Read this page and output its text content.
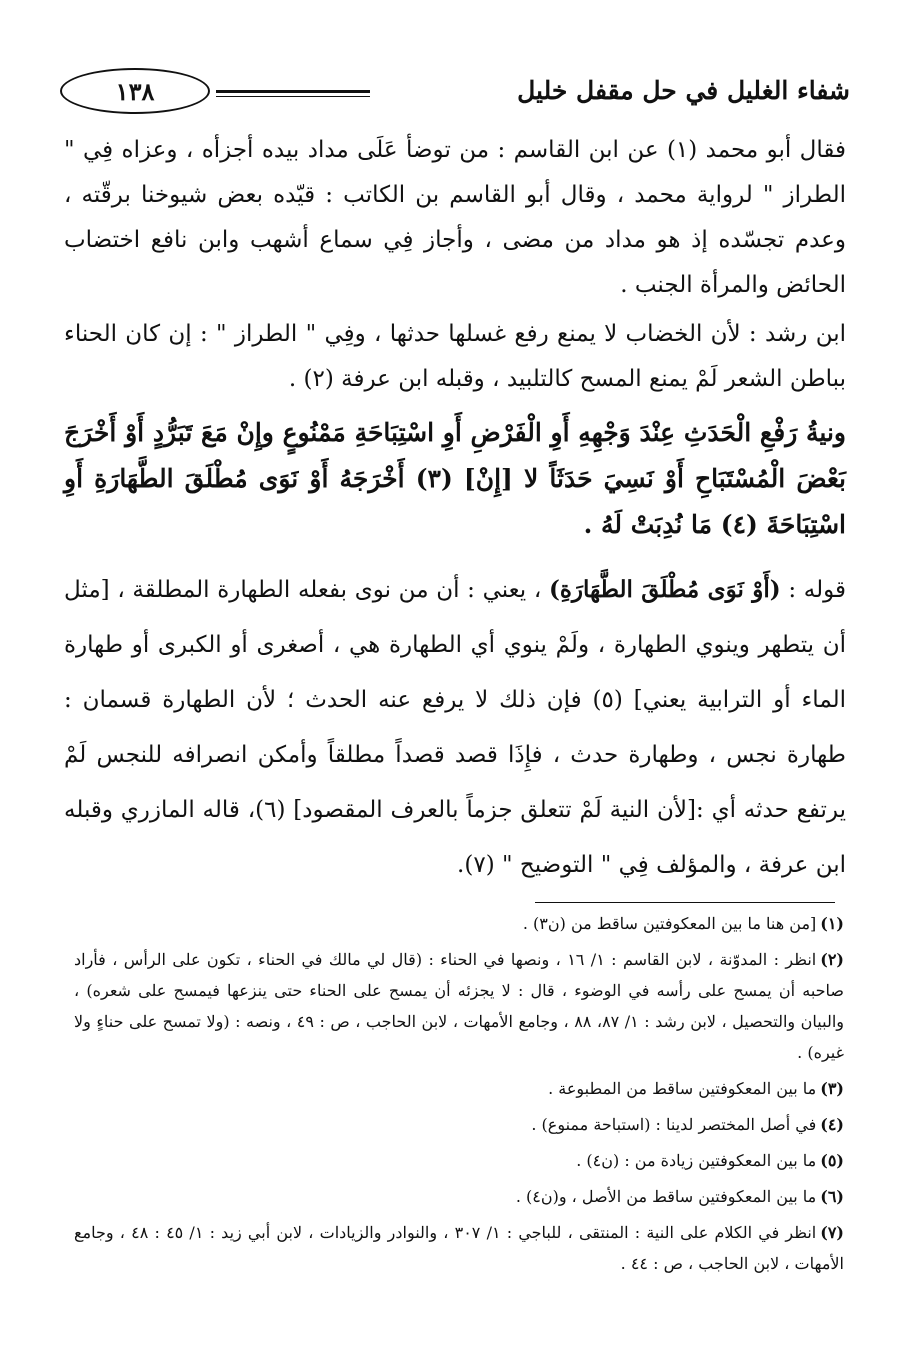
شفاء الغليل في حل مقفل خليل
١٣٨

فقال أبو محمد (١) عن ابن القاسم : من توضأ عَلَى مداد بيده أجزأه ، وعزاه فِي " الطراز " لرواية محمد ، وقال أبو القاسم بن الكاتب : قيّده بعض شيوخنا برقّته ، وعدم تجسّده إذ هو مداد من مضى ، وأجاز فِي سماع أشهب وابن نافع اختضاب الحائض والمرأة الجنب .

ابن رشد : لأن الخضاب لا يمنع رفع غسلها حدثها ، وفِي " الطراز " : إن كان الحناء بباطن الشعر لَمْ يمنع المسح كالتلبيد ، وقبله ابن عرفة (٢) .

ونيةُ رَفْعِ الْحَدَثِ عِنْدَ وَجْهِهِ أَوِ الْفَرْضِ أَوِ اسْتِبَاحَةِ مَمْنُوعٍ وإِنْ مَعَ تَبَرُّدٍ أَوْ أَخْرَجَ بَعْضَ الْمُسْتَبَاحِ أَوْ نَسِيَ حَدَثَاً لا [إِنْ] (٣) أَخْرَجَهُ أَوْ نَوَى مُطْلَقَ الطَّهَارَةِ أَوِ اسْتِبَاحَةَ (٤) مَا نُدِبَتْ لَهُ .

قوله : (أَوْ نَوَى مُطْلَقَ الطَّهَارَةِ) ، يعني : أن من نوى بفعله الطهارة المطلقة ، [مثل أن يتطهر وينوي الطهارة ، ولَمْ ينوي أي الطهارة هي ، أصغرى أو الكبرى أو طهارة الماء أو الترابية يعني] (٥) فإن ذلك لا يرفع عنه الحدث ؛ لأن الطهارة قسمان : طهارة نجس ، وطهارة حدث ، فإِذَا قصد قصداً مطلقاً وأمكن انصرافه للنجس لَمْ يرتفع حدثه أي :[لأن النية لَمْ تتعلق جزماً بالعرف المقصود] (٦)، قاله المازري وقبله ابن عرفة ، والمؤلف فِي " التوضيح " (٧).

(١)[من هنا ما بين المعكوفتين ساقط من (ن٣) .

(٢)انظر : المدوّنة ، لابن القاسم : ١/ ١٦ ، ونصها في الحناء : (قال لي مالك في الحناء ، تكون على الرأس ، فأراد صاحبه أن يمسح على رأسه في الوضوء ، قال : لا يجزئه أن يمسح على الحناء حتى ينزعها فيمسح على شعره) ، والبيان والتحصيل ، لابن رشد : ١/ ٨٧، ٨٨ ، وجامع الأمهات ، لابن الحاجب ، ص : ٤٩ ، ونصه : (ولا تمسح على حناءٍ ولا غيره) .

(٣)ما بين المعكوفتين ساقط من المطبوعة .

(٤)في أصل المختصر لدينا : (استباحة ممنوع) .

(٥)ما بين المعكوفتين زيادة من : (ن٤) .

(٦)ما بين المعكوفتين ساقط من الأصل ، و(ن٤) .

(٧)انظر في الكلام على النية : المنتقى ، للباجي : ١/ ٣٠٧ ، والنوادر والزيادات ، لابن أبي زيد : ١/ ٤٥ : ٤٨ ، وجامع الأمهات ، لابن الحاجب ، ص : ٤٤ .
